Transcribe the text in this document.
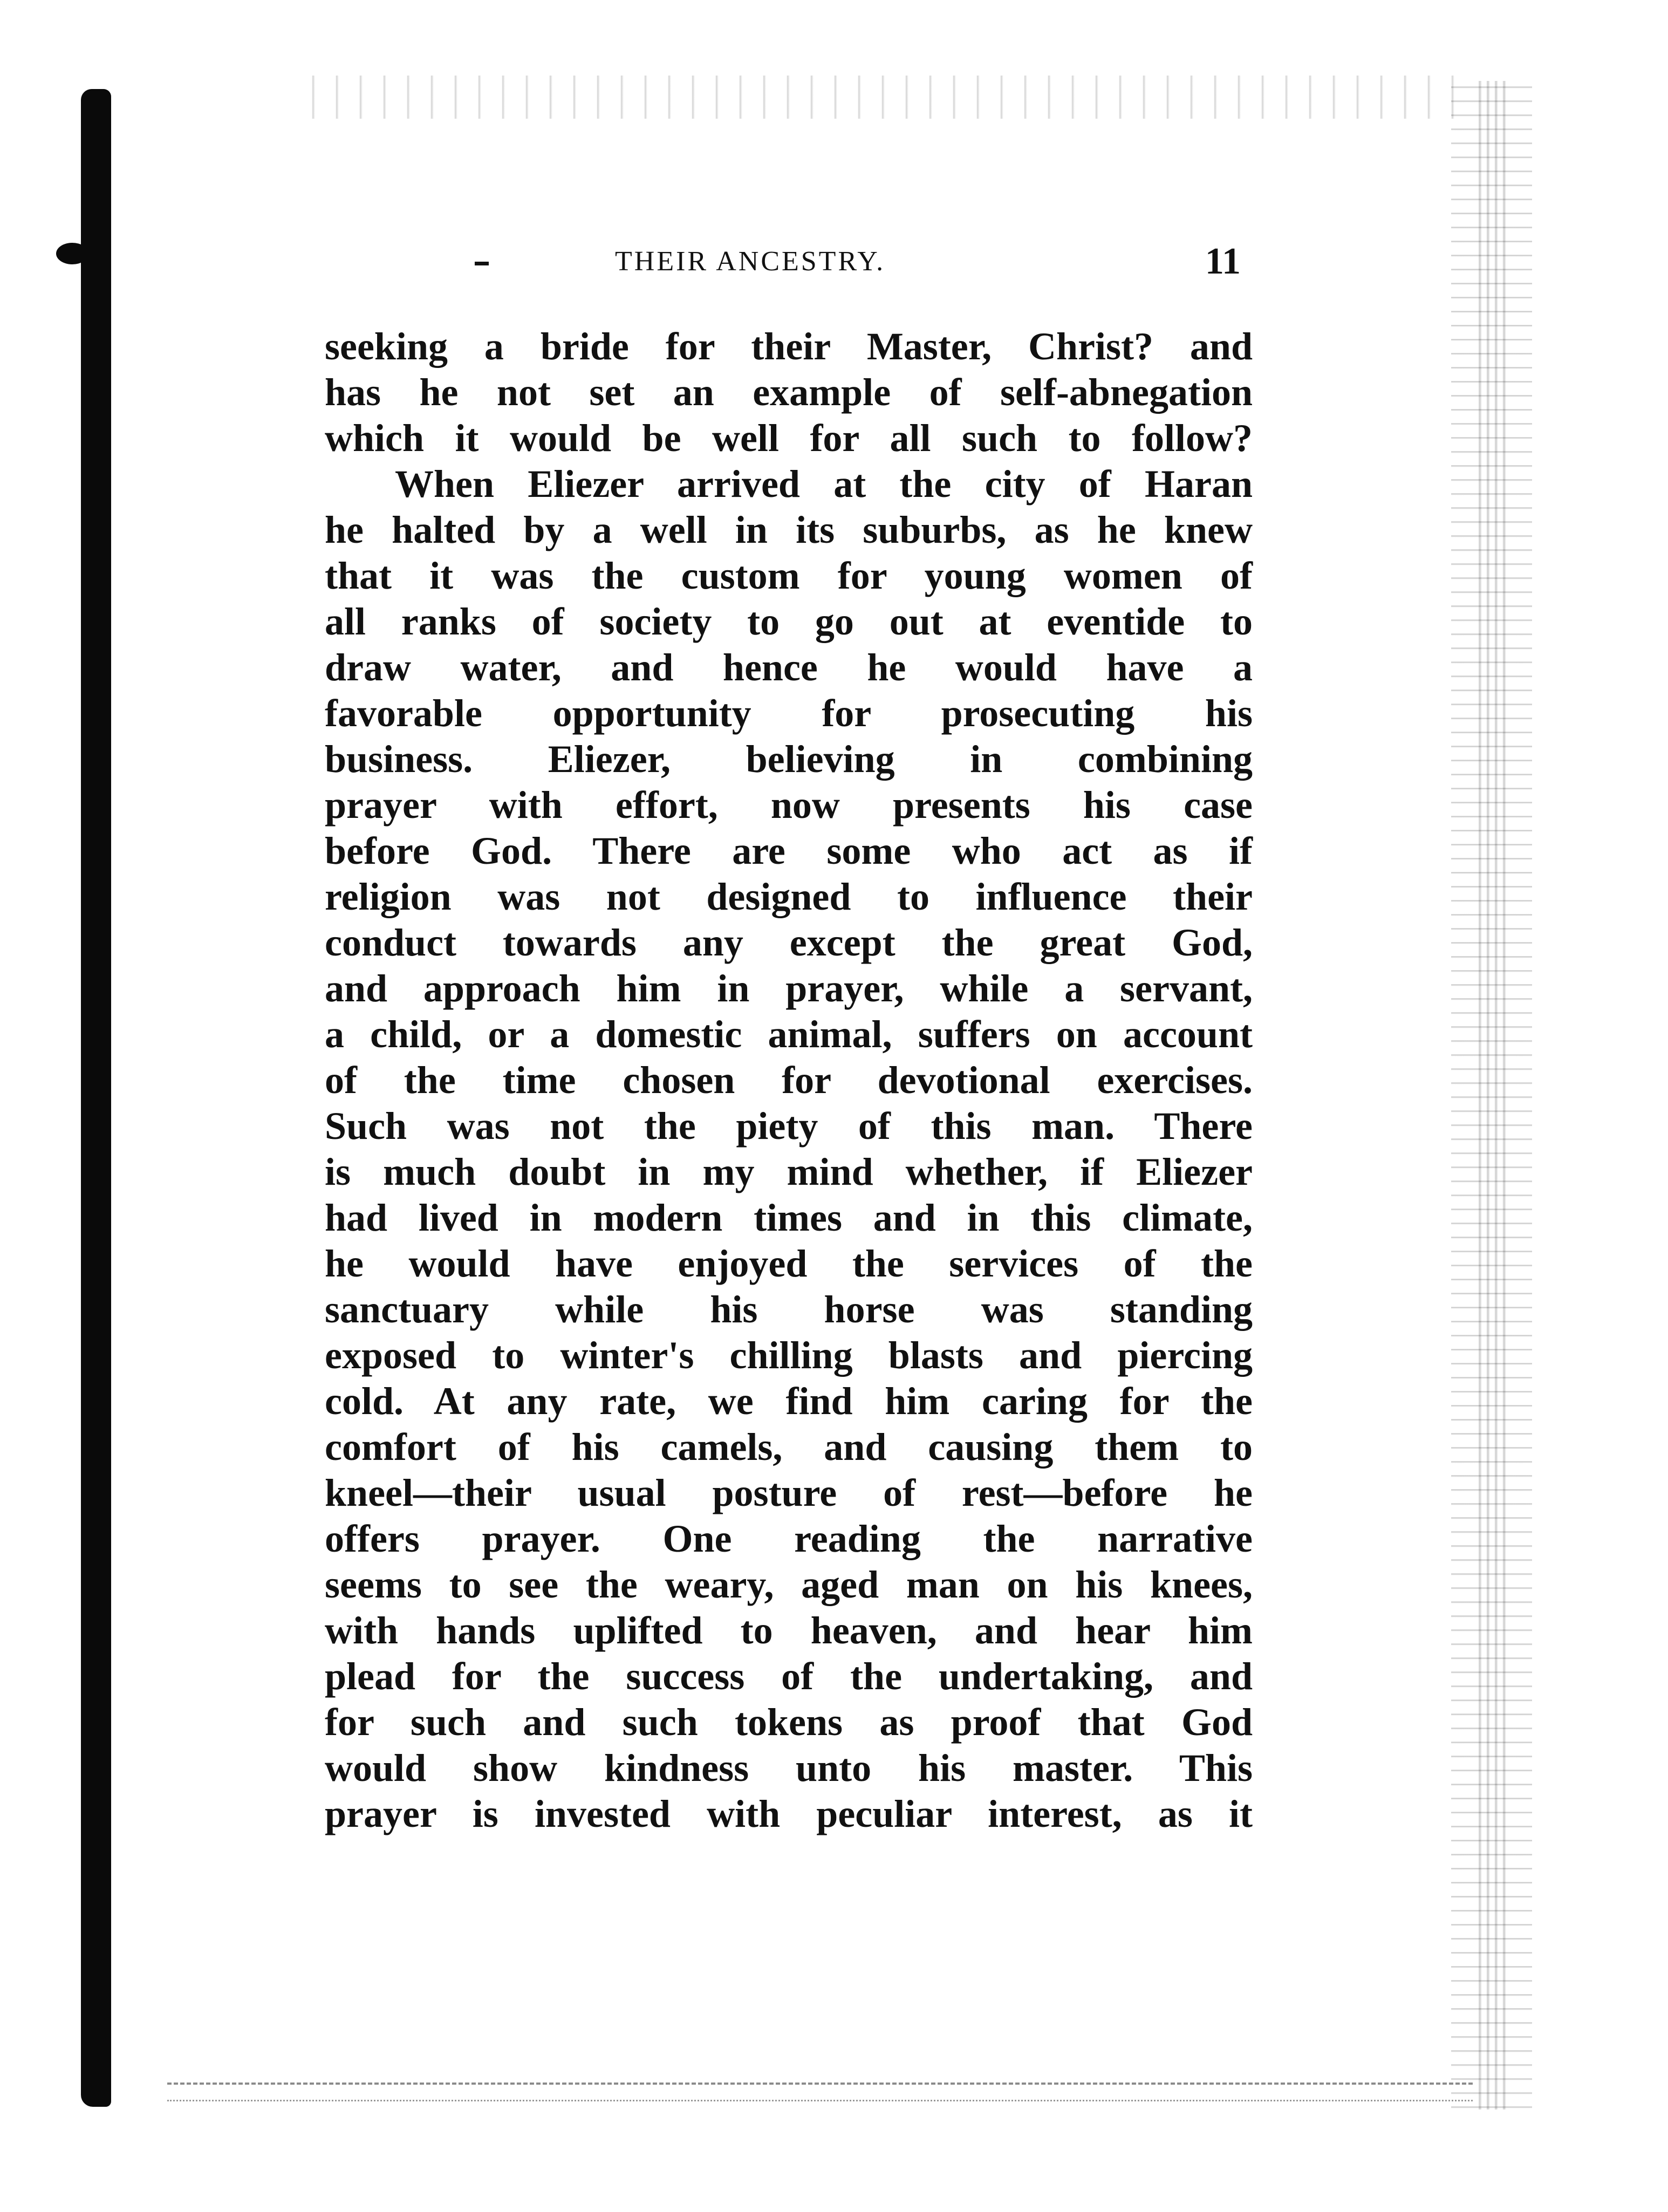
THEIR ANCESTRY.	11
seeking a bride for their Master, Christ? and
has he not set an example of self-abnegation
which it would be well for all such to follow?
When Eliezer arrived at the city of Haran
he halted by a well in its suburbs, as he knew
that it was the custom for young women of
all ranks of society to go out at eventide to
draw water, and hence he would have a
favorable opportunity for prosecuting his
business. Eliezer, believing in combining
prayer with effort, now presents his case
before God. There are some who act as if
religion was not designed to influence their
conduct towards any except the great God,
and approach him in prayer, while a servant,
a child, or a domestic animal, suffers on account
of the time chosen for devotional exercises.
Such was not the piety of this man. There
is much doubt in my mind whether, if Eliezer
had lived in modern times and in this climate,
he would have enjoyed the services of the
sanctuary while his horse was standing
exposed to winter's chilling blasts and piercing
cold. At any rate, we find him caring for the
comfort of his camels, and causing them to
kneel—their usual posture of rest—before he
offers prayer. One reading the narrative
seems to see the weary, aged man on his knees,
with hands uplifted to heaven, and hear him
plead for the success of the undertaking, and
for such and such tokens as proof that God
would show kindness unto his master. This
prayer is invested with peculiar interest, as it
